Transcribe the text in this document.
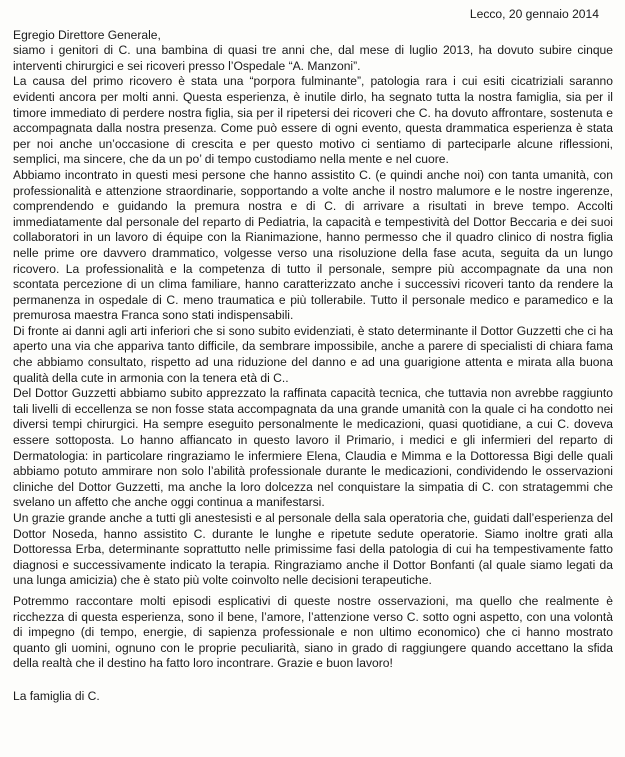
Lecco, 20 gennaio 2014
Egregio Direttore Generale,

siamo i genitori di C. una bambina di quasi tre anni che, dal mese di luglio 2013, ha dovuto subire cinque interventi chirurgici e sei ricoveri presso l’Ospedale “A. Manzoni”.

La causa del primo ricovero è stata una “porpora fulminante”, patologia rara i cui esiti cicatriziali saranno evidenti ancora per molti anni. Questa esperienza, è inutile dirlo, ha segnato tutta la nostra famiglia, sia per il timore immediato di perdere nostra figlia, sia per il ripetersi dei ricoveri che C. ha dovuto affrontare, sostenuta e accompagnata dalla nostra presenza. Come può essere di ogni evento, questa drammatica esperienza è stata per noi anche un’occasione di crescita e per questo motivo ci sentiamo di parteciparle alcune riflessioni, semplici, ma sincere, che da un po’ di tempo custodiamo nella mente e nel cuore.

Abbiamo incontrato in questi mesi persone che hanno assistito C. (e quindi anche noi) con tanta umanità, con professionalità e attenzione straordinarie, sopportando a volte anche il nostro malumore e le nostre ingerenze, comprendendo e guidando la premura nostra e di C. di arrivare a risultati in breve tempo. Accolti immediatamente dal personale del reparto di Pediatria, la capacità e tempestività del Dottor Beccaria e dei suoi collaboratori in un lavoro di équipe con la Rianimazione, hanno permesso che il quadro clinico di nostra figlia nelle prime ore davvero drammatico, volgesse verso una risoluzione della fase acuta, seguita da un lungo ricovero. La professionalità e la competenza di tutto il personale, sempre più accompagnate da una non scontata percezione di un clima familiare, hanno caratterizzato anche i successivi ricoveri tanto da rendere la permanenza in ospedale di C. meno traumatica e più tollerabile. Tutto il personale medico e paramedico e la premurosa maestra Franca sono stati indispensabili.

Di fronte ai danni agli arti inferiori che si sono subito evidenziati, è stato determinante il Dottor Guzzetti che ci ha aperto una via che appariva tanto difficile, da sembrare impossibile, anche a parere di specialisti di chiara fama che abbiamo consultato, rispetto ad una riduzione del danno e ad una guarigione attenta e mirata alla buona qualità della cute in armonia con la tenera età di C..

Del Dottor Guzzetti abbiamo subito apprezzato la raffinata capacità tecnica, che tuttavia non avrebbe raggiunto tali livelli di eccellenza se non fosse stata accompagnata da una grande umanità con la quale ci ha condotto nei diversi tempi chirurgici. Ha sempre eseguito personalmente le medicazioni, quasi quotidiane, a cui C. doveva essere sottoposta. Lo hanno affiancato in questo lavoro il Primario, i medici e gli infermieri del reparto di Dermatologia: in particolare ringraziamo le infermiere Elena, Claudia e Mimma e la Dottoressa Bigi delle quali abbiamo potuto ammirare non solo l’abilità professionale durante le medicazioni, condividendo le osservazioni cliniche del Dottor Guzzetti, ma anche la loro dolcezza nel conquistare la simpatia di C. con stratagemmi che svelano un affetto che anche oggi continua a manifestarsi.

Un grazie grande anche a tutti gli anestesisti e al personale della sala operatoria che, guidati dall’esperienza del Dottor Noseda, hanno assistito C. durante le lunghe e ripetute sedute operatorie. Siamo inoltre grati alla Dottoressa Erba, determinante soprattutto nelle primissime fasi della patologia di cui ha tempestivamente fatto diagnosi e successivamente indicato la terapia. Ringraziamo anche il Dottor Bonfanti (al quale siamo legati da una lunga amicizia) che è stato più volte coinvolto nelle decisioni terapeutiche.

Potremmo raccontare molti episodi esplicativi di queste nostre osservazioni, ma quello che realmente è ricchezza di questa esperienza, sono il bene, l’amore, l’attenzione verso C. sotto ogni aspetto, con una volontà di impegno (di tempo, energie, di sapienza professionale e non ultimo economico) che ci hanno mostrato quanto gli uomini, ognuno con le proprie peculiarità, siano in grado di raggiungere quando accettano la sfida della realtà che il destino ha fatto loro incontrare. Grazie e buon lavoro!

La famiglia di C.
